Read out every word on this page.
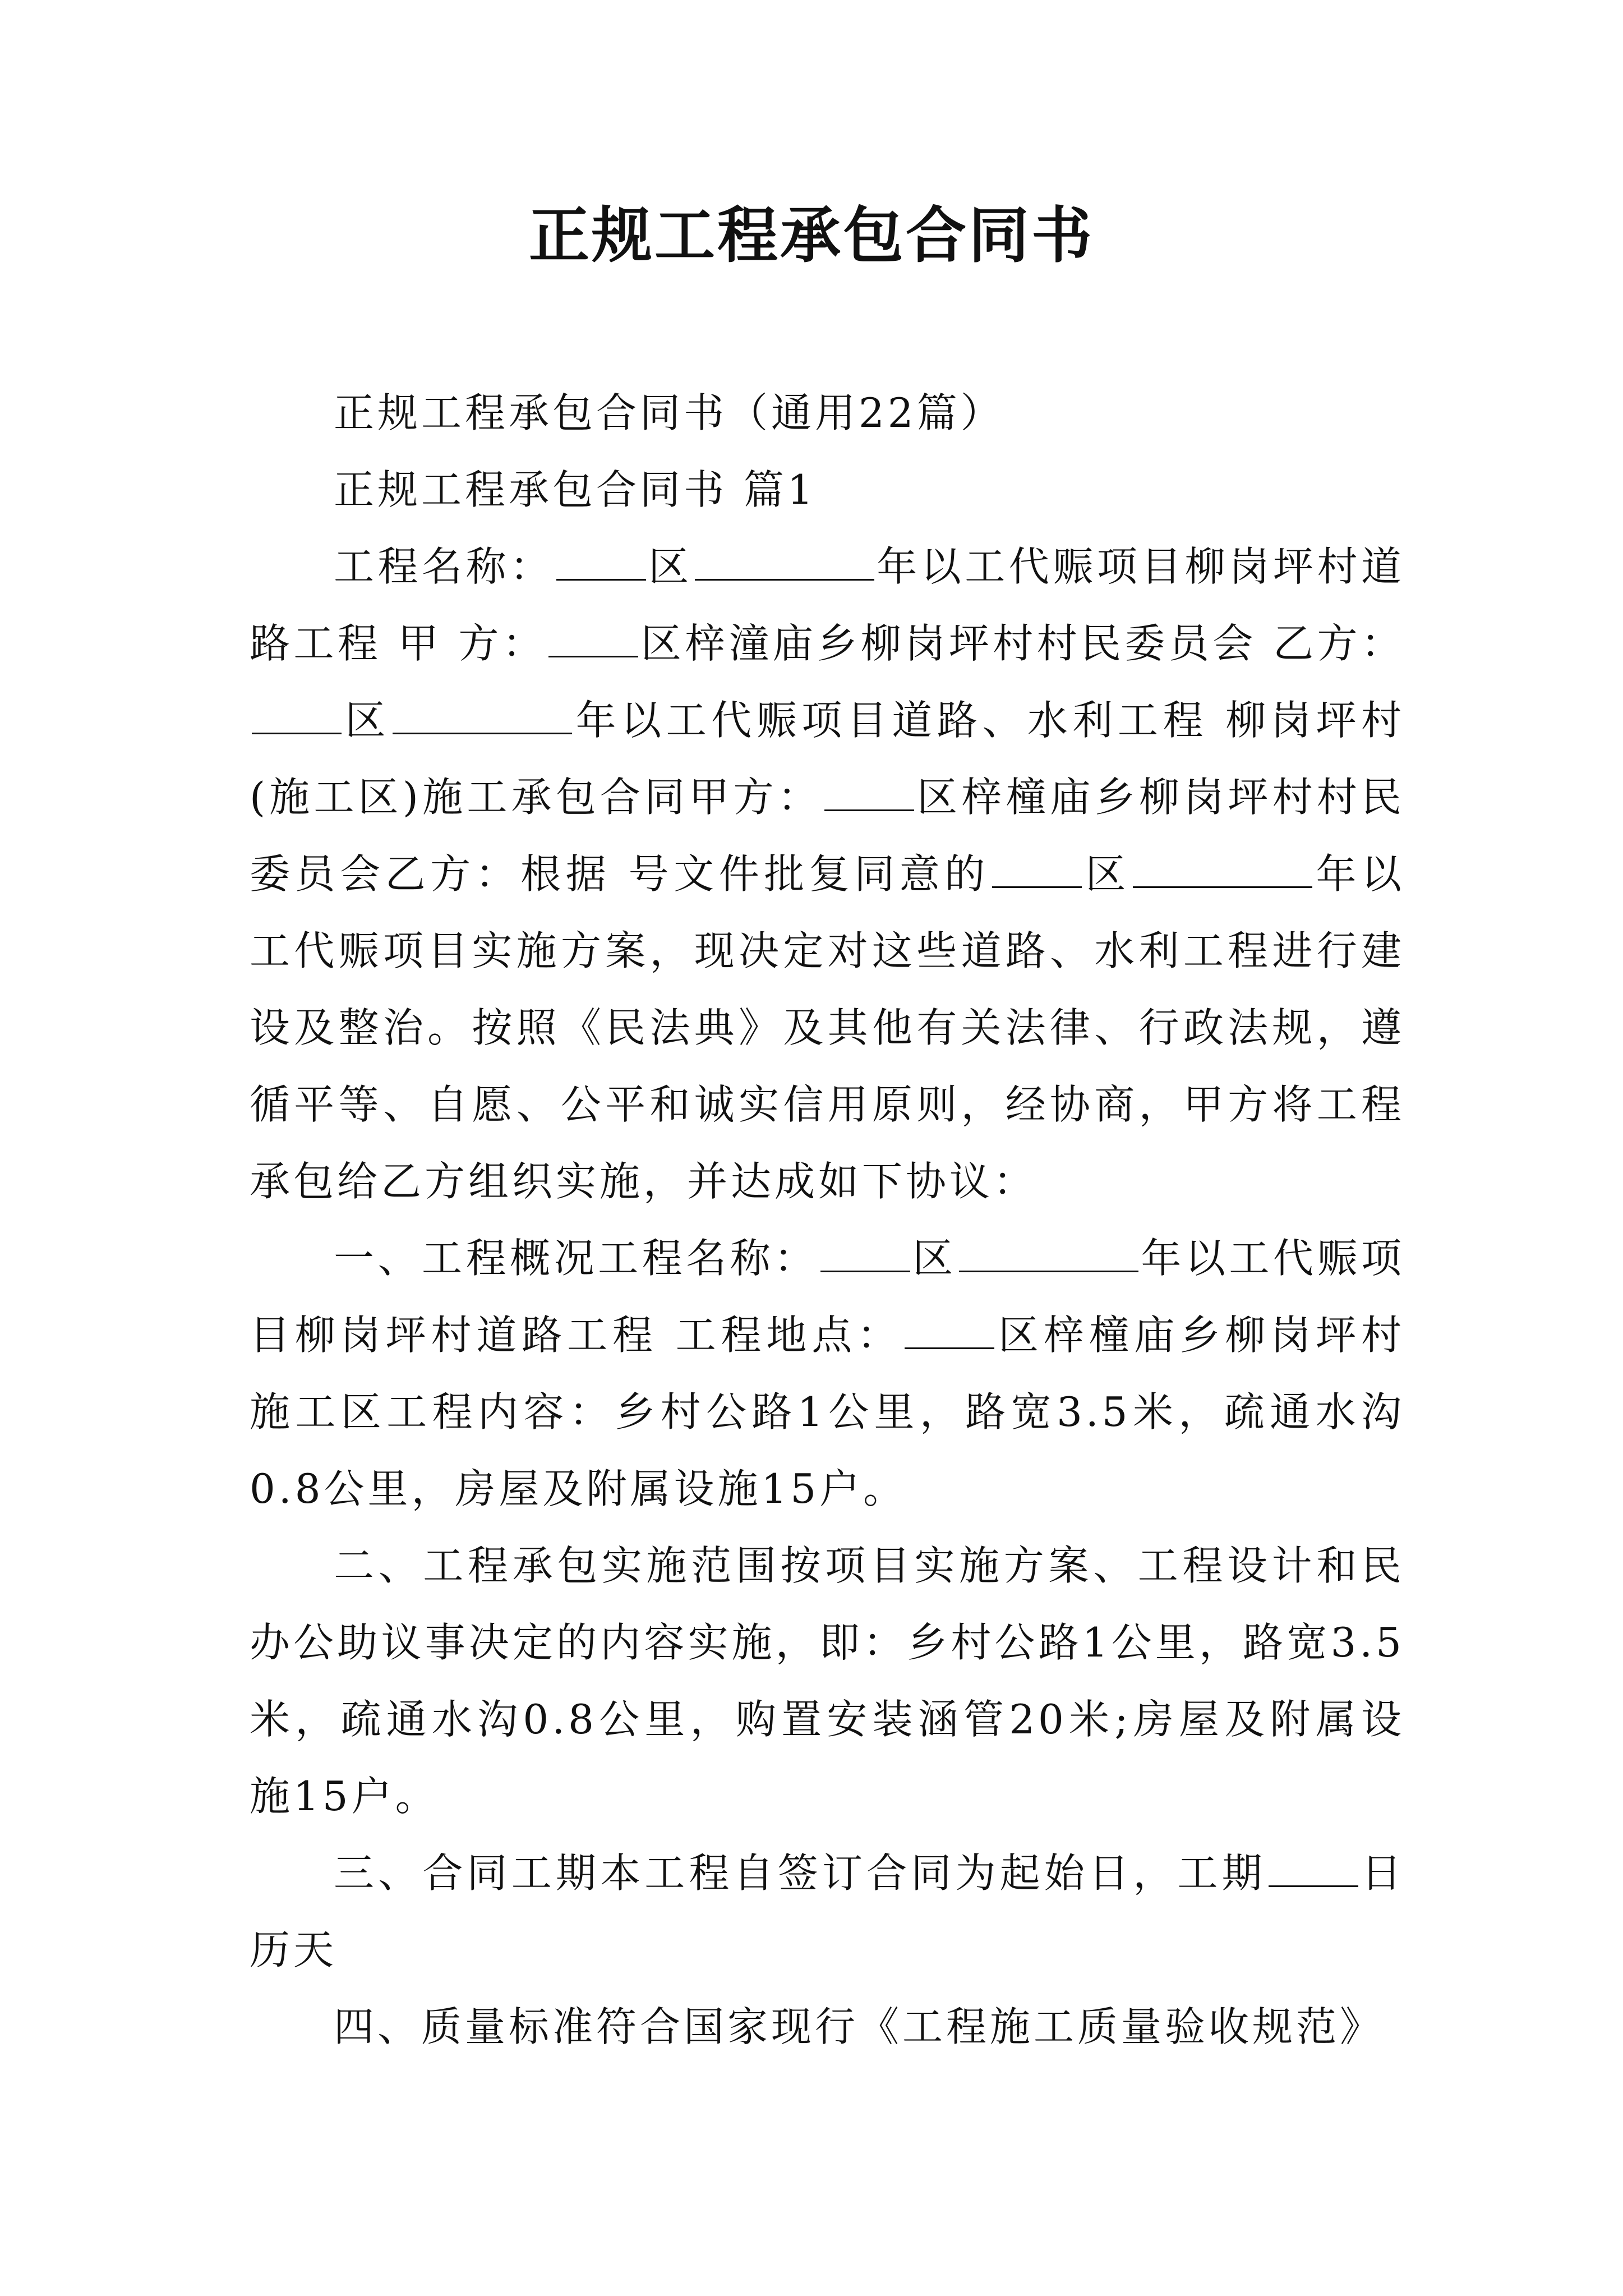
正规工程承包合同书

正规工程承包合同书（通用22篇）

正规工程承包合同书 篇1

工程名称： 区	年以工代赈项目柳岗坪村道路工程 甲 方： 区梓潼庙乡柳岗坪村村民委员会 乙方：区	年以工代赈项目道路、水利工程 柳岗坪村(施工区)施工承包合同甲方： 区梓橦庙乡柳岗坪村村民委员会乙方：根据 号文件批复同意的 区	年以工代赈项目实施方案，现决定对这些道路、水利工程进行建设及整治。按照《民法典》及其他有关法律、行政法规，遵循平等、自愿、公平和诚实信用原则，经协商，甲方将工程承包给乙方组织实施，并达成如下协议：

一、工程概况工程名称： 区	年以工代赈项目柳岗坪村道路工程 工程地点： 区梓橦庙乡柳岗坪村施工区工程内容：乡村公路1公里，路宽3.5米，疏通水沟0.8公里，房屋及附属设施15户。

二、工程承包实施范围按项目实施方案、工程设计和民办公助议事决定的内容实施，即：乡村公路1公里，路宽3.5米，疏通水沟0.8公里，购置安装涵管20米;房屋及附属设施15户。

三、合同工期本工程自签订合同为起始日，工期 日历天

四、质量标准符合国家现行《工程施工质量验收规范》
